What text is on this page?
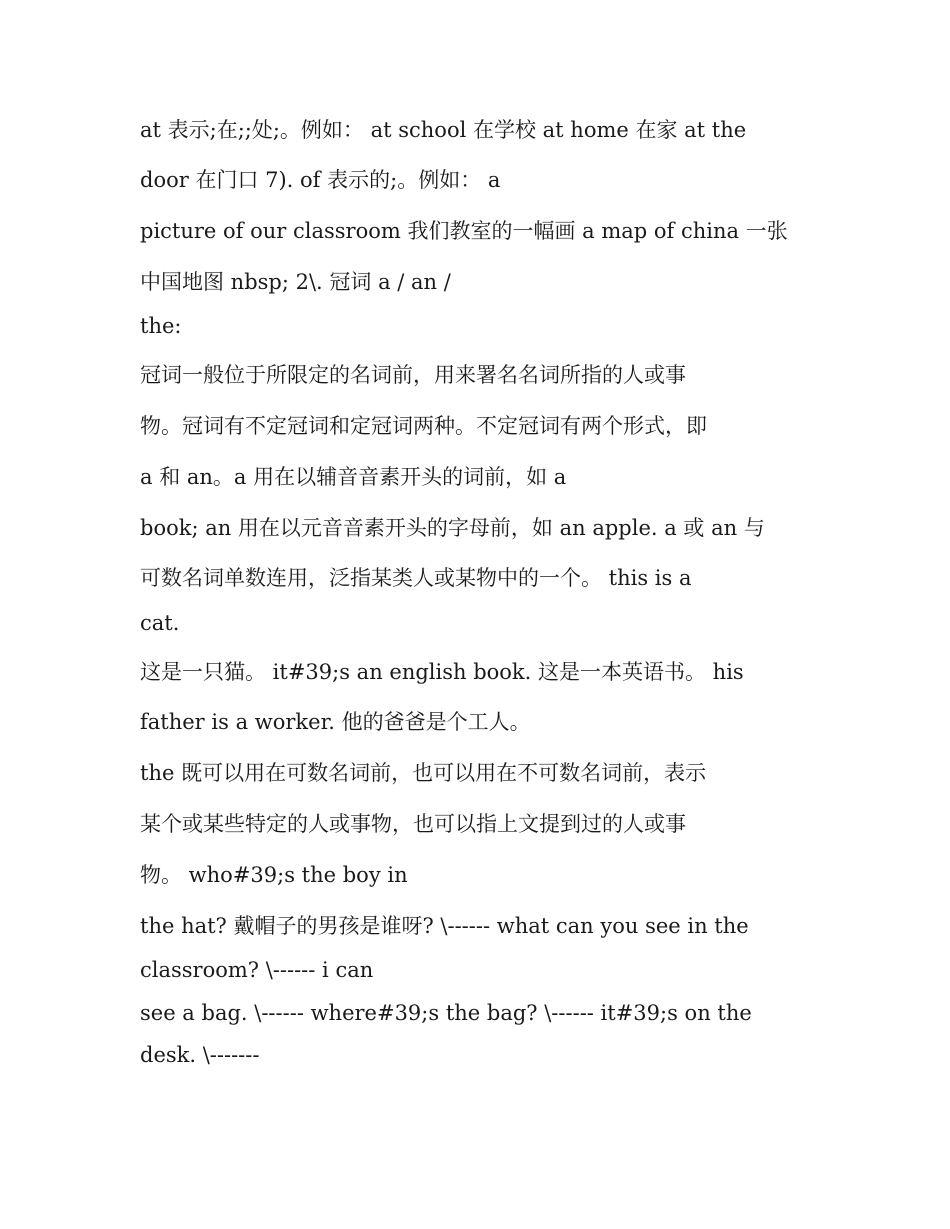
at 表示;在;;处;。例如： at school 在学校 at home 在家 at the
door 在门口 7). of 表示的;。例如： a
picture of our classroom 我们教室的一幅画 a map of china 一张
中国地图 nbsp; 2\. 冠词 a / an /
the:
冠词一般位于所限定的名词前，用来署名名词所指的人或事
物。冠词有不定冠词和定冠词两种。不定冠词有两个形式，即
a 和 an。a 用在以辅音音素开头的词前，如 a
book; an 用在以元音音素开头的字母前，如 an apple. a 或 an 与
可数名词单数连用，泛指某类人或某物中的一个。 this is a
cat.
这是一只猫。 it#39;s an english book. 这是一本英语书。 his
father is a worker. 他的爸爸是个工人。
the 既可以用在可数名词前，也可以用在不可数名词前，表示
某个或某些特定的人或事物，也可以指上文提到过的人或事
物。 who#39;s the boy in
the hat? 戴帽子的男孩是谁呀? \------ what can you see in the
classroom? \------ i can
see a bag. \------ where#39;s the bag? \------ it#39;s on the
desk. \-------
